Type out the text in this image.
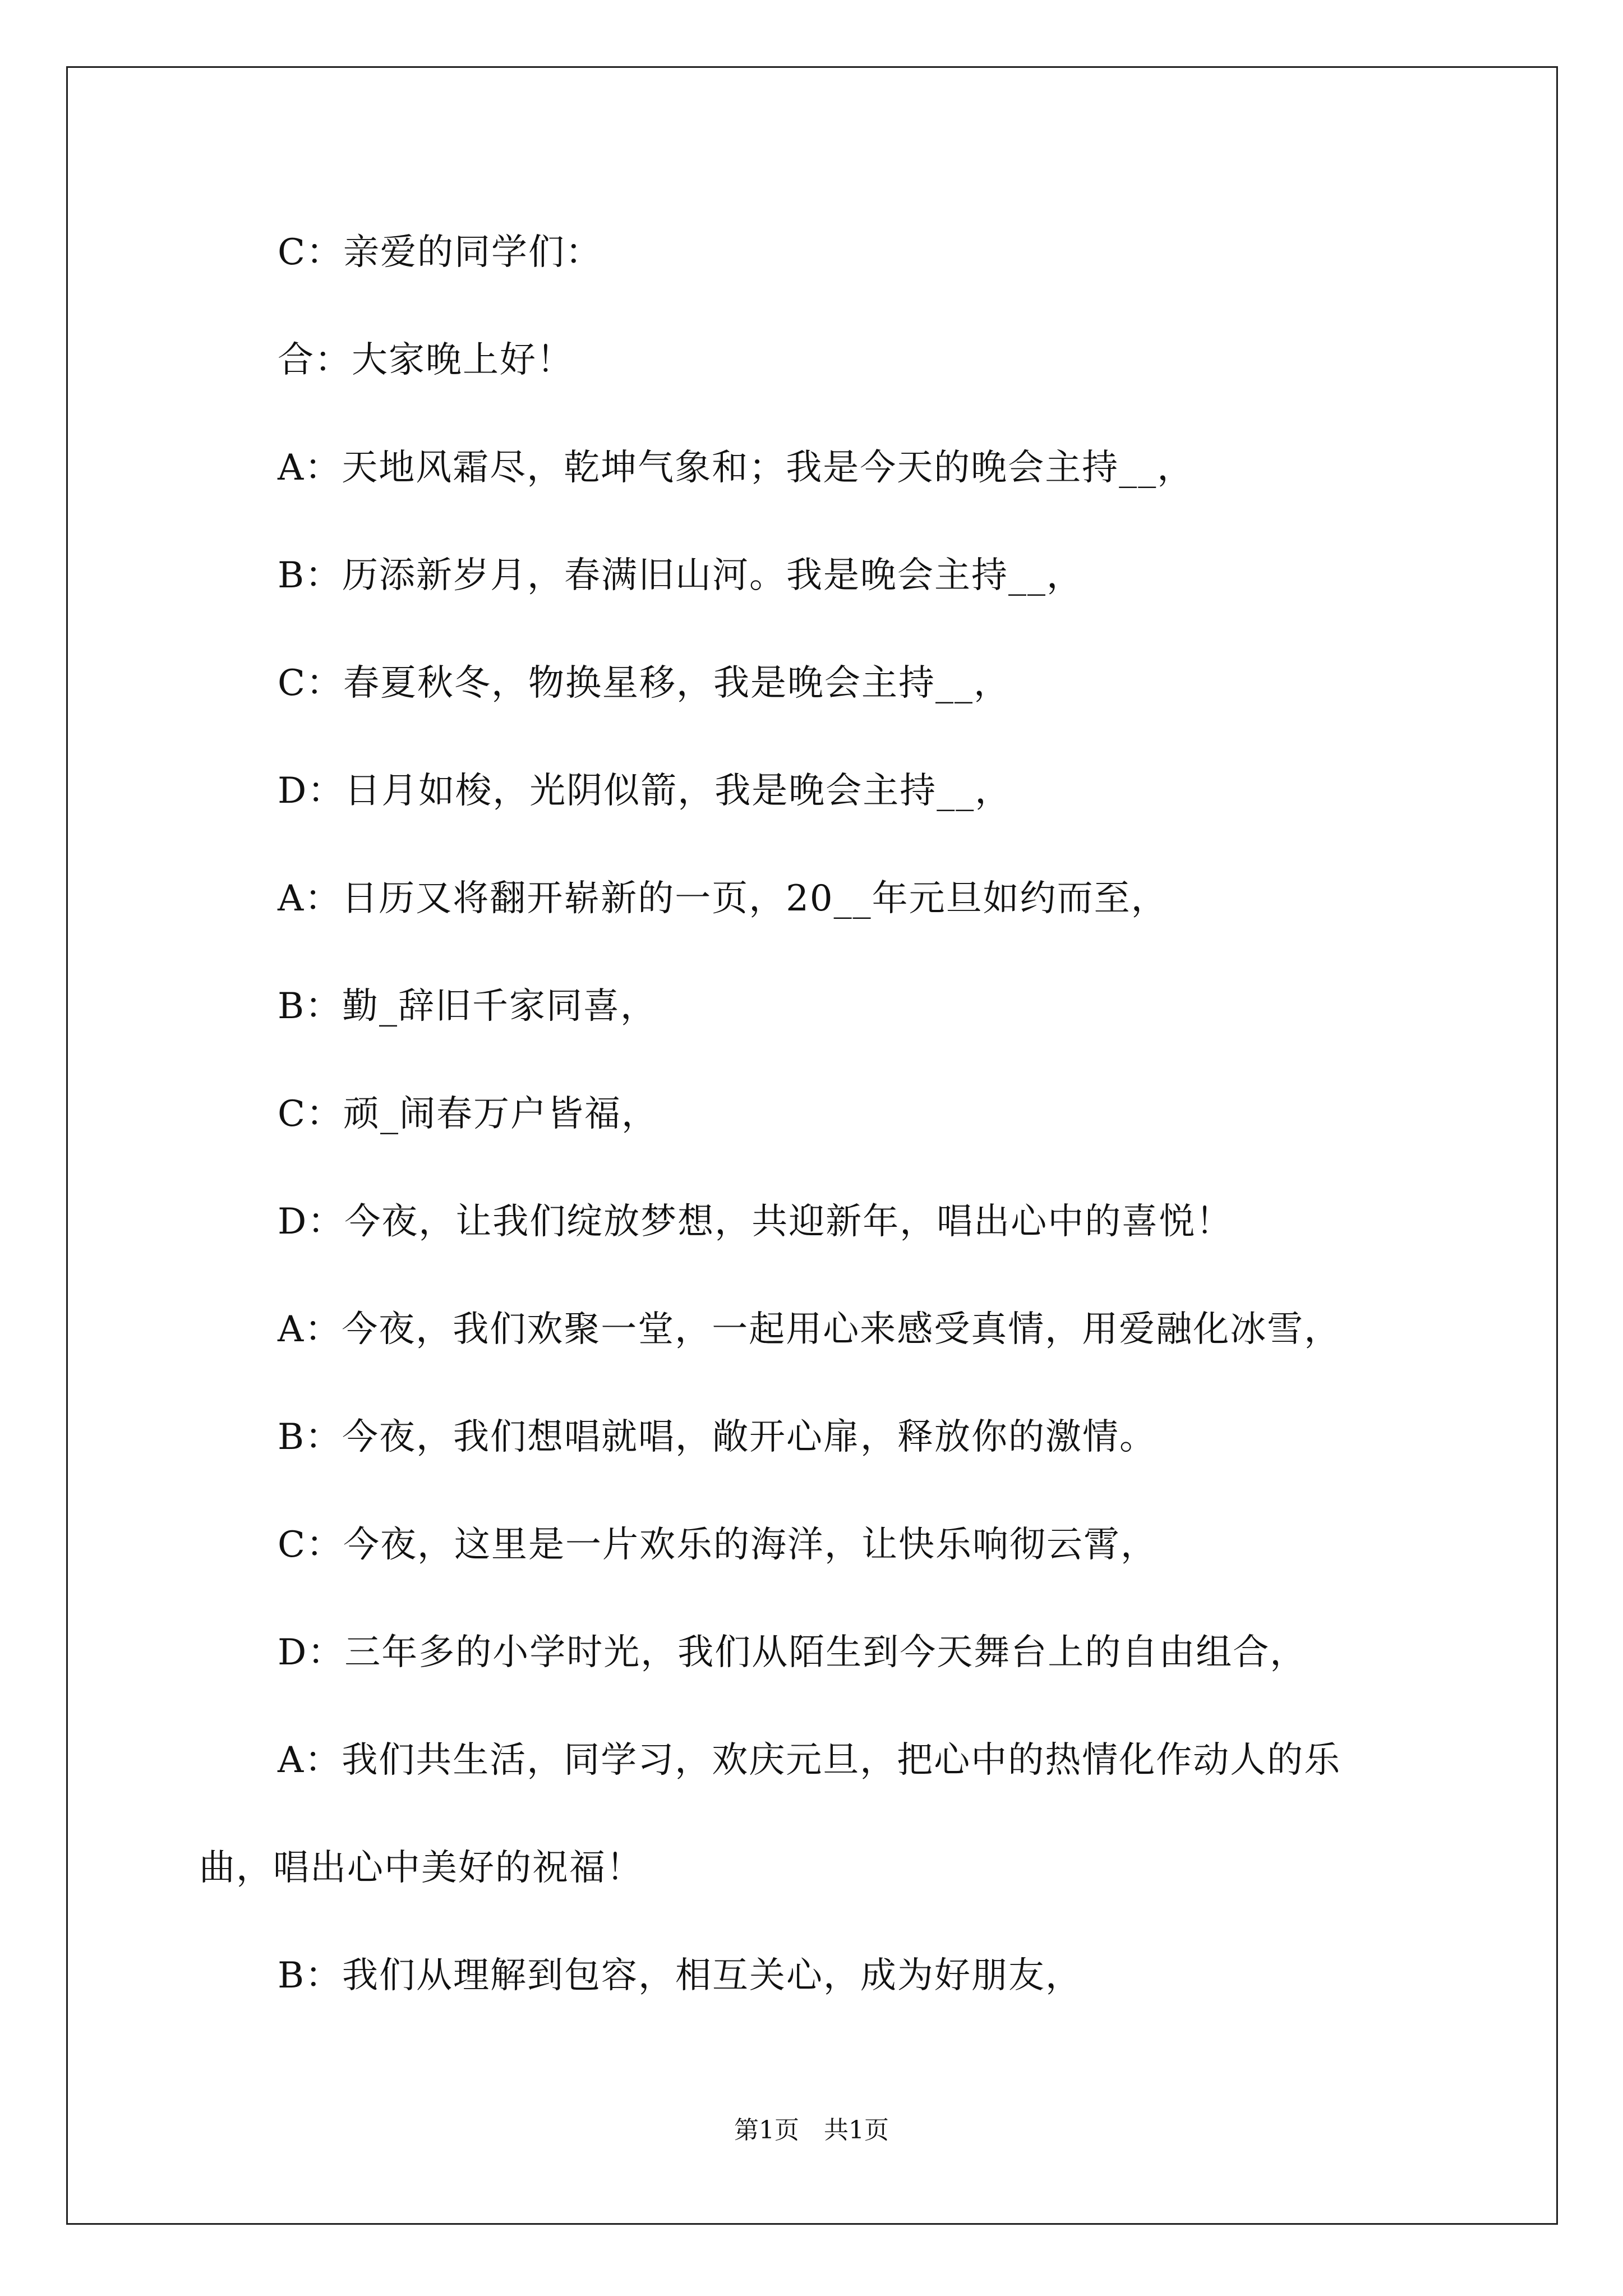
C：亲爱的同学们：

合：大家晚上好！

A：天地风霜尽，乾坤气象和；我是今天的晚会主持__，

B：历添新岁月，春满旧山河。我是晚会主持__，

C：春夏秋冬，物换星移，我是晚会主持__，

D：日月如梭，光阴似箭，我是晚会主持__，

A：日历又将翻开崭新的一页，20__年元旦如约而至，

B：勤_辞旧千家同喜，

C：顽_闹春万户皆福，

D：今夜，让我们绽放梦想，共迎新年，唱出心中的喜悦！

A：今夜，我们欢聚一堂，一起用心来感受真情，用爱融化冰雪，

B：今夜，我们想唱就唱，敞开心扉，释放你的激情。

C：今夜，这里是一片欢乐的海洋，让快乐响彻云霄，

D：三年多的小学时光，我们从陌生到今天舞台上的自由组合，

A：我们共生活，同学习，欢庆元旦，把心中的热情化作动人的乐

曲，唱出心中美好的祝福！

B：我们从理解到包容，相互关心，成为好朋友，

第1页　共1页
